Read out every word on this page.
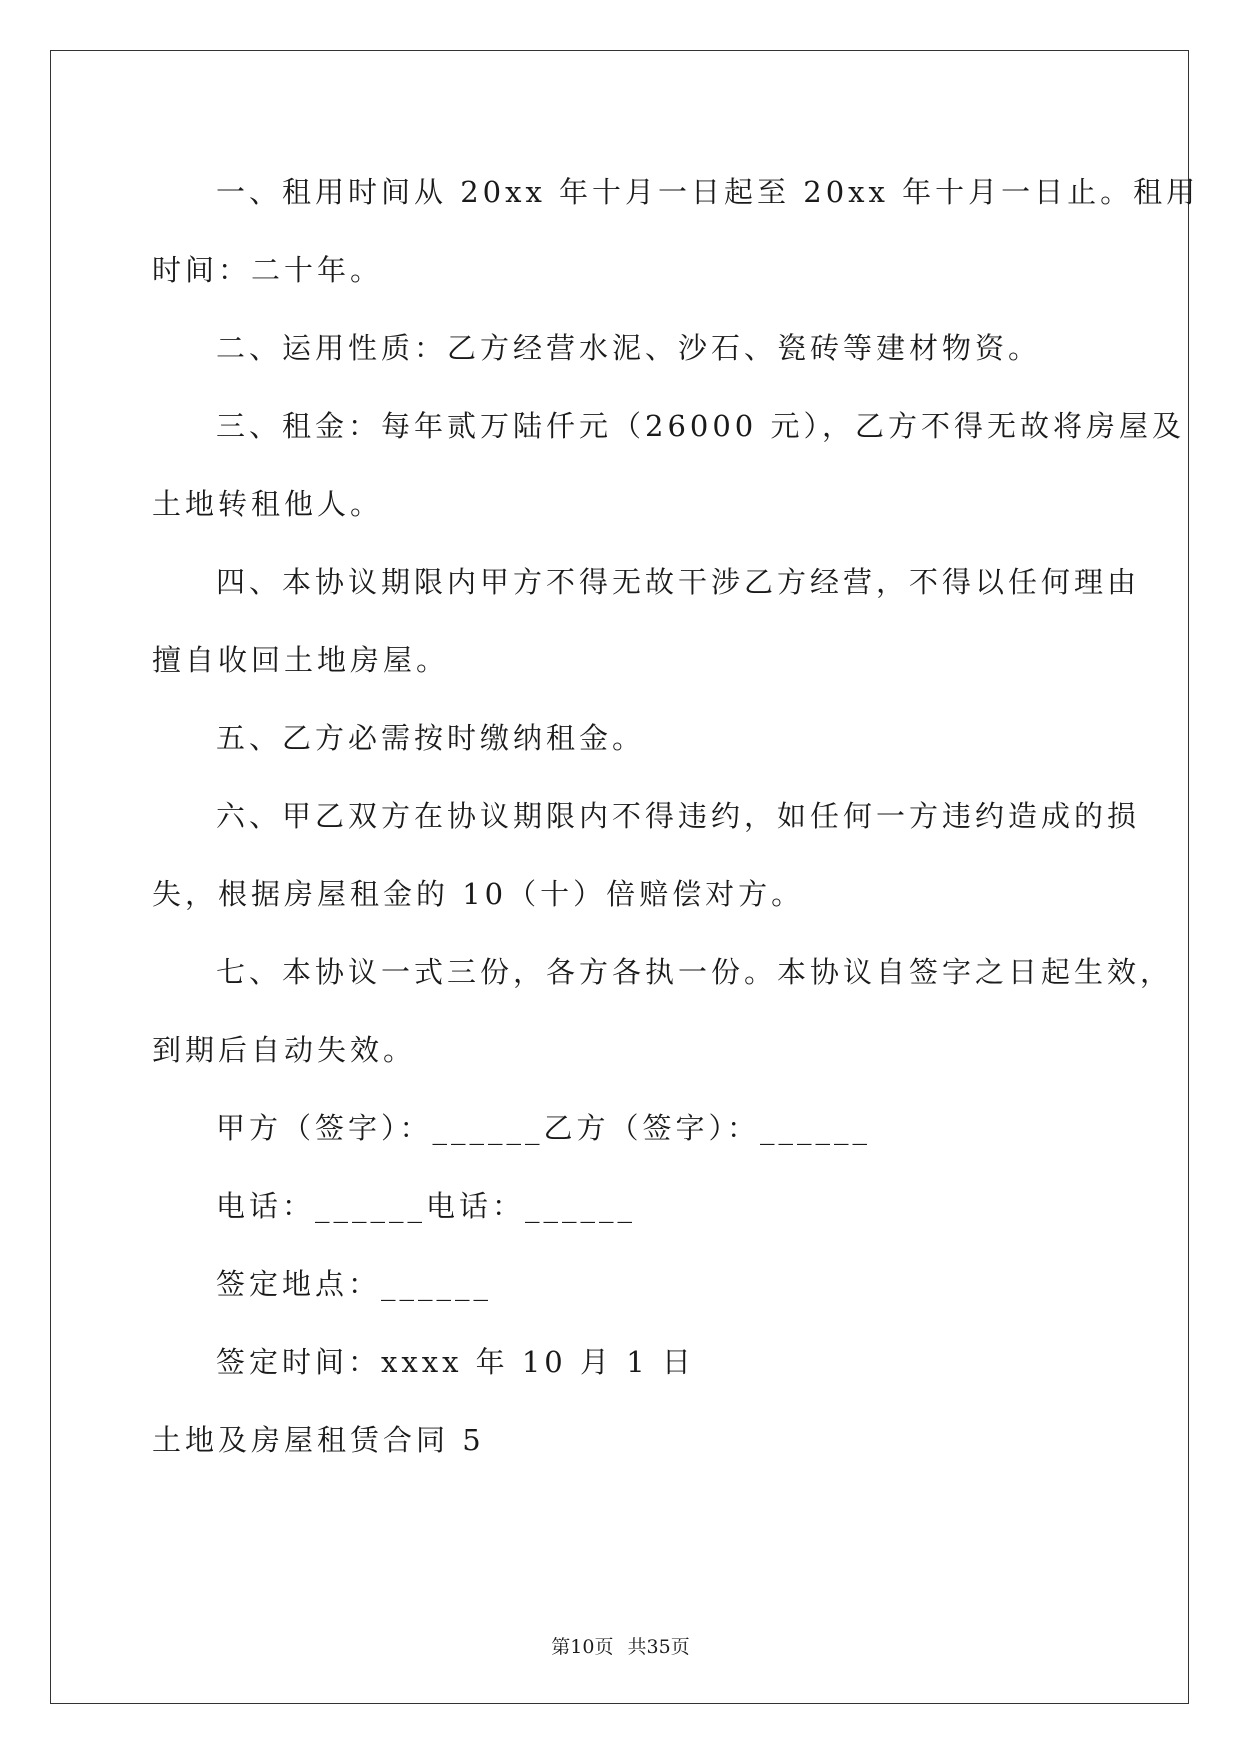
一、租用时间从 20xx 年十月一日起至 20xx 年十月一日止。租用
时间：二十年。
二、运用性质：乙方经营水泥、沙石、瓷砖等建材物资。
三、租金：每年贰万陆仟元（26000 元），乙方不得无故将房屋及
土地转租他人。
四、本协议期限内甲方不得无故干涉乙方经营，不得以任何理由
擅自收回土地房屋。
五、乙方必需按时缴纳租金。
六、甲乙双方在协议期限内不得违约，如任何一方违约造成的损
失，根据房屋租金的 10（十）倍赔偿对方。
七、本协议一式三份，各方各执一份。本协议自签字之日起生效，
到期后自动失效。
甲方（签字）：______乙方（签字）：______
电话：______电话：______
签定地点：______
签定时间：xxxx 年 10 月 1 日
土地及房屋租赁合同 5
第10页 共35页
